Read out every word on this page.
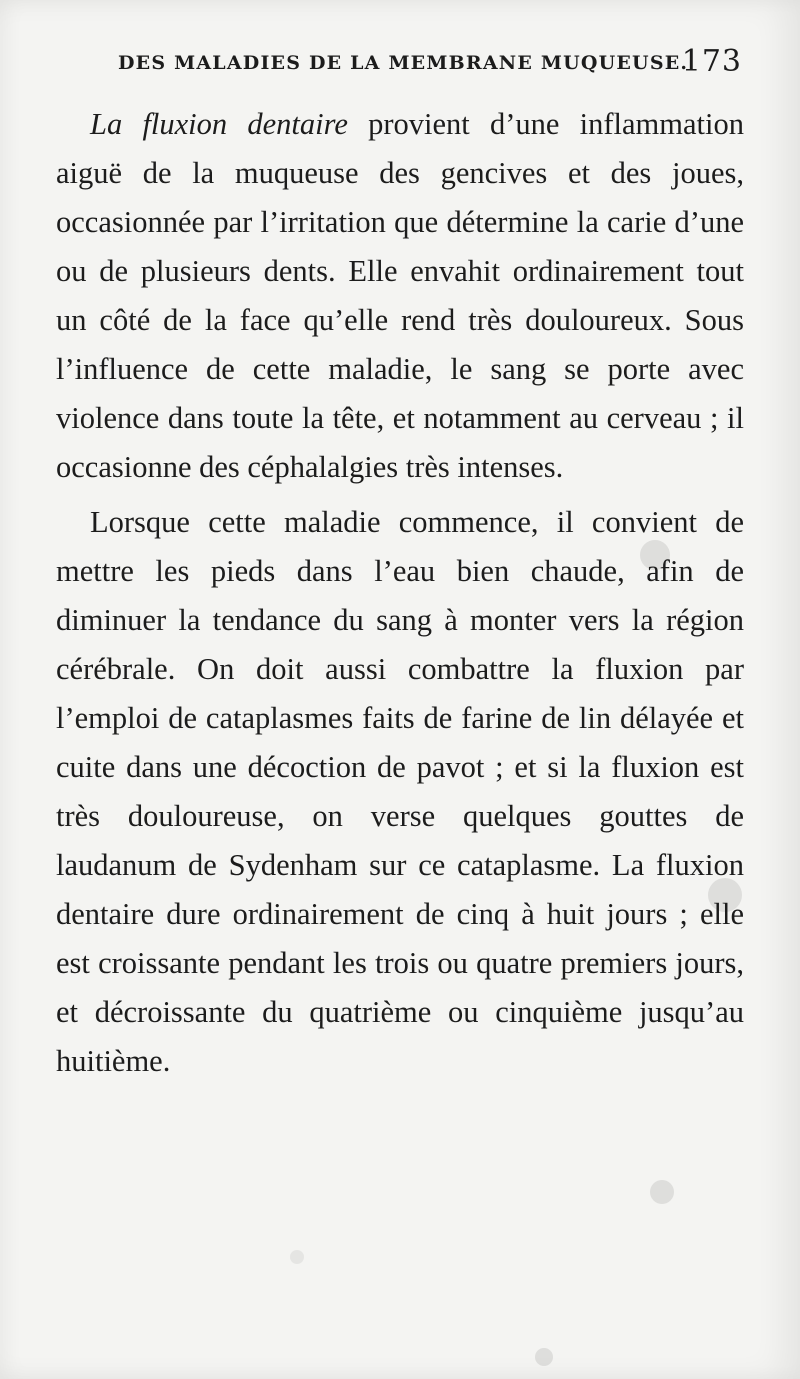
DES MALADIES DE LA MEMBRANE MUQUEUSE.
173

La fluxion dentaire provient d’une inflammation aiguë de la muqueuse des gencives et des joues, occasionnée par l’irritation que détermine la carie d’une ou de plusieurs dents. Elle envahit ordinairement tout un côté de la face qu’elle rend très douloureux. Sous l’influence de cette maladie, le sang se porte avec violence dans toute la tête, et notamment au cerveau ; il occasionne des céphalalgies très intenses.

Lorsque cette maladie commence, il convient de mettre les pieds dans l’eau bien chaude, afin de diminuer la tendance du sang à monter vers la région cérébrale. On doit aussi combattre la fluxion par l’emploi de cataplasmes faits de farine de lin délayée et cuite dans une décoction de pavot ; et si la fluxion est très douloureuse, on verse quelques gouttes de laudanum de Sydenham sur ce cataplasme. La fluxion dentaire dure ordinairement de cinq à huit jours ; elle est croissante pendant les trois ou quatre premiers jours, et décroissante du quatrième ou cinquième jusqu’au huitième.
